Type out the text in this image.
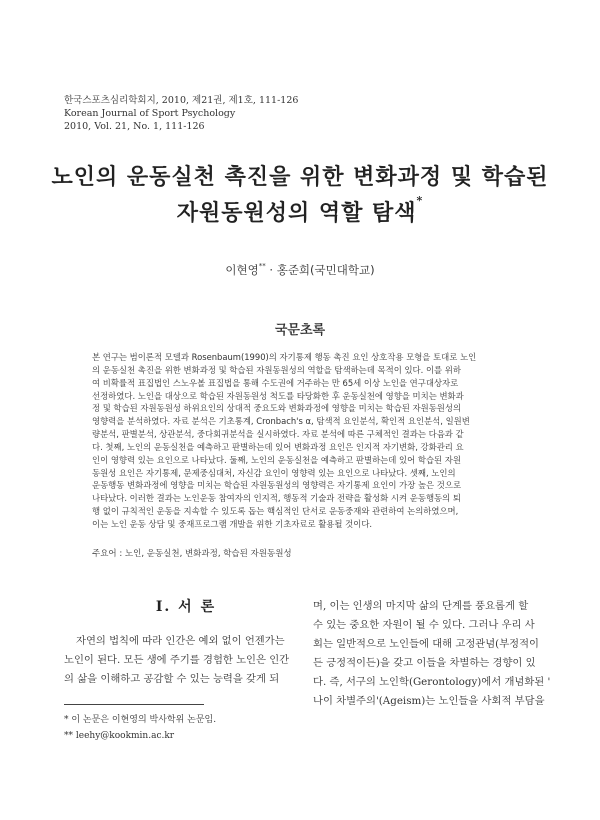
한국스포츠심리학회지, 2010, 제21권, 제1호, 111-126
Korean Journal of Sport Psychology
2010, Vol. 21, No. 1, 111-126
노인의 운동실천 촉진을 위한 변화과정 및 학습된
자원동원성의 역할 탐색*
이현영** · 홍준희(국민대학교)
국문초록
본 연구는 범이론적 모델과 Rosenbaum(1990)의 자기통제 행동 촉진 요인 상호작용 모형을 토대로 노인
의 운동실천 촉진을 위한 변화과정 및 학습된 자원동원성의 역할을 탐색하는데 목적이 있다. 이를 위하
여 비확률적 표집법인 스노우볼 표집법을 통해 수도권에 거주하는 만 65세 이상 노인을 연구대상자로
선정하였다. 노인을 대상으로 학습된 자원동원성 척도를 타당화한 후 운동실천에 영향을 미치는 변화과
정 및 학습된 자원동원성 하위요인의 상대적 중요도와 변화과정에 영향을 미치는 학습된 자원동원성의
영향력을 분석하였다. 자료 분석은 기초통계, Cronbach's α, 탐색적 요인분석, 확인적 요인분석, 일원변
량분석, 판별분석, 상관분석, 중다회귀분석을 실시하였다. 자료 분석에 따른 구체적인 결과는 다음과 같
다. 첫째, 노인의 운동실천을 예측하고 판별하는데 있어 변화과정 요인은 인지적 자기변화, 강화관리 요
인이 영향력 있는 요인으로 나타났다. 둘째, 노인의 운동실천을 예측하고 판별하는데 있어 학습된 자원
동원성 요인은 자기통제, 문제중심대처, 자신감 요인이 영향력 있는 요인으로 나타났다. 셋째, 노인의
운동행동 변화과정에 영향을 미치는 학습된 자원동원성의 영향력은 자기통제 요인이 가장 높은 것으로
나타났다. 이러한 결과는 노인운동 참여자의 인지적, 행동적 기술과 전략을 활성화 시켜 운동행동의 퇴
행 없이 규칙적인 운동을 지속할 수 있도록 돕는 핵심적인 단서로 운동중재와 관련하여 논의하였으며,
이는 노인 운동 상담 및 중재프로그램 개발을 위한 기초자료로 활용될 것이다.
주요어 : 노인, 운동실천, 변화과정, 학습된 자원동원성
Ⅰ. 서 론
자연의 법칙에 따라 인간은 예외 없이 언젠가는
노인이 된다. 모든 생에 주기를 경험한 노인은 인간
의 삶을 이해하고 공감할 수 있는 능력을 갖게 되
며, 이는 인생의 마지막 삶의 단계를 풍요롭게 할
수 있는 중요한 자원이 될 수 있다. 그러나 우리 사
회는 일반적으로 노인들에 대해 고정관념(부정적이
든 긍정적이든)을 갖고 이들을 차별하는 경향이 있
다. 즉, 서구의 노인학(Gerontology)에서 개념화된 '
나이 차별주의'(Ageism)는 노인들을 사회적 부담을
* 이 논문은 이현영의 박사학위 논문임.
** leehy@kookmin.ac.kr
